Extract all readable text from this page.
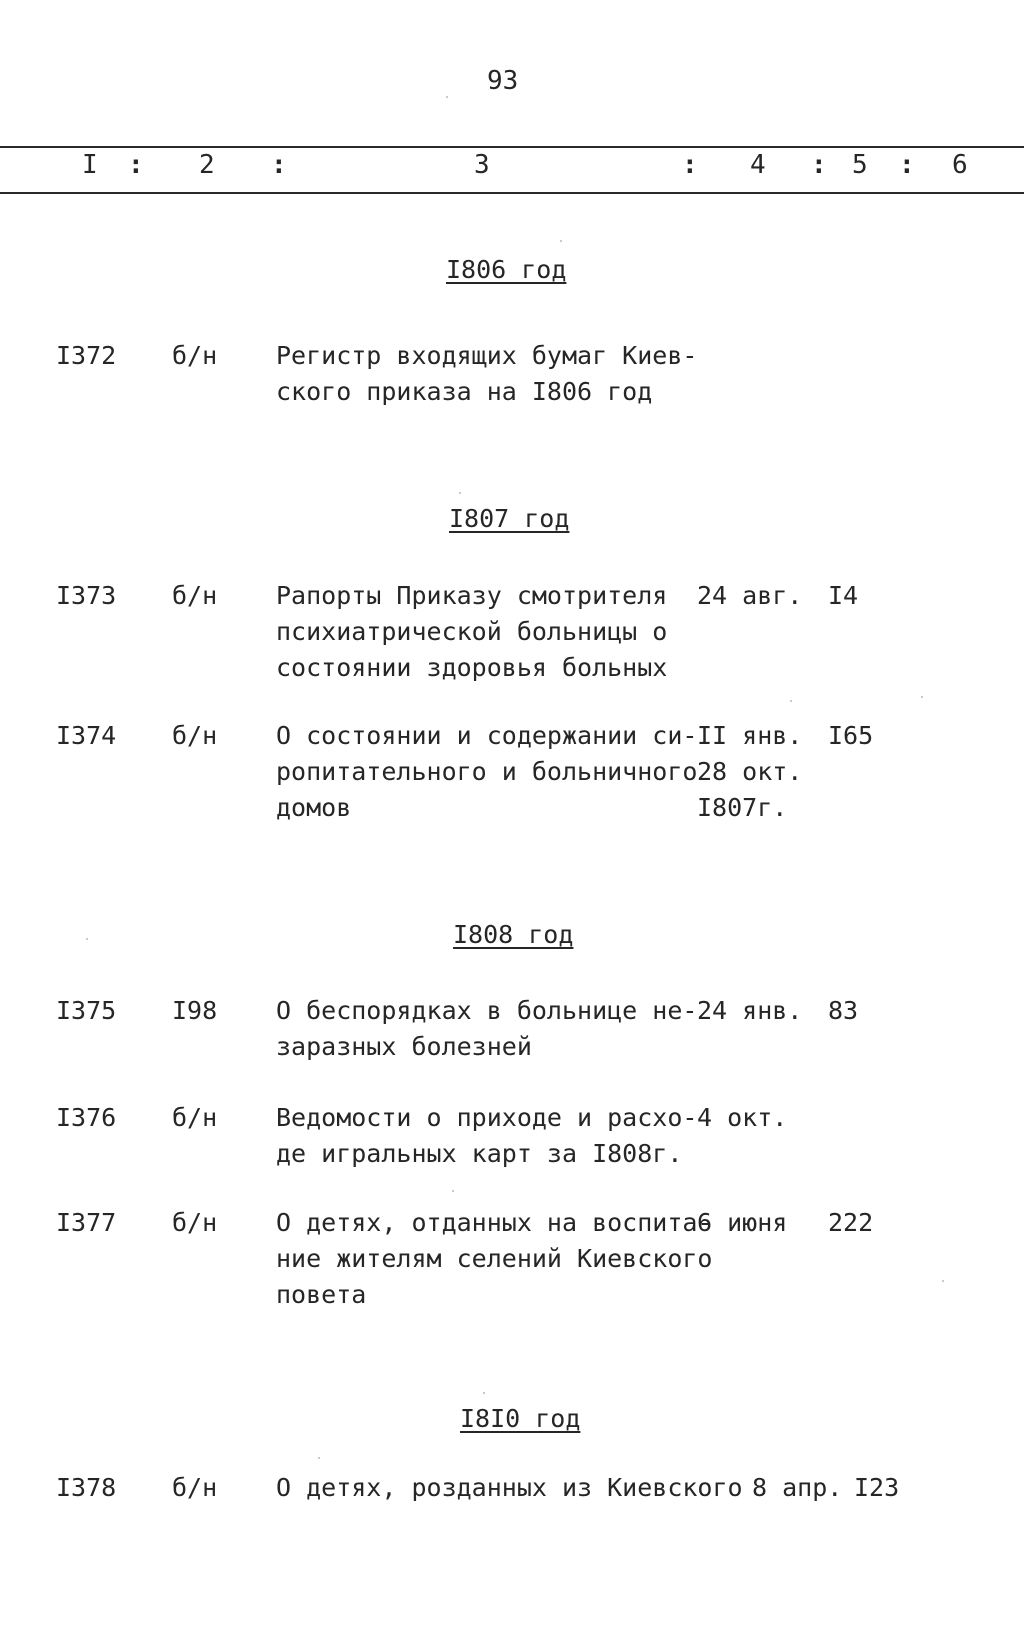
93
I : 2 :	3	: 4 : 5 : 6
I806 год
I372 б/н Регистр входящих бумаг Киев-
ского приказа на I806 год
I807 год
I373 б/н Рапорты Приказу смотрителя
психиатрической больницы о
состоянии здоровья больных
24 авг. I4
I374 б/н О состоянии и содержании си-
ропитательного и больничного
домов
II янв.
28 окт.
I807г.
I65
I808 год
I375 I98 О беспорядках в больнице не-
заразных болезней
24 янв. 83
I376 б/н Ведомости о приходе и расхо-
де игральных карт за I808г.
4 окт.
I377 б/н О детях, отданных на воспита-
ние жителям селений Киевского
повета
6 июня 222
I8I0 год
I378 б/н О детях, розданных из Киевского 8 апр. I23
